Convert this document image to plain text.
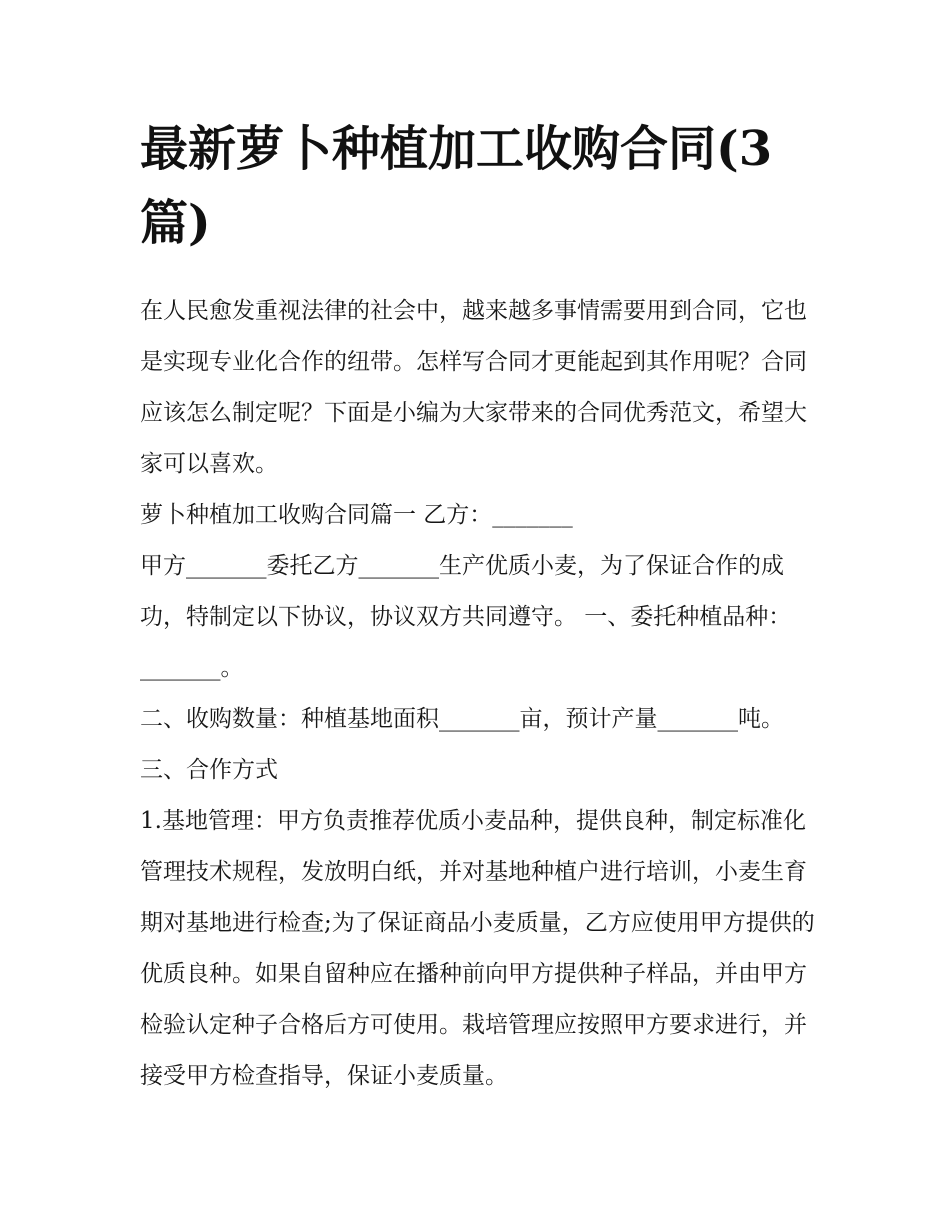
最新萝卜种植加工收购合同(3篇)

在人民愈发重视法律的社会中，越来越多事情需要用到合同，它也是实现专业化合作的纽带。怎样写合同才更能起到其作用呢？合同应该怎么制定呢？下面是小编为大家带来的合同优秀范文，希望大家可以喜欢。

萝卜种植加工收购合同篇一 乙方：_______

甲方_______委托乙方_______生产优质小麦，为了保证合作的成功，特制定以下协议，协议双方共同遵守。 一、委托种植品种：_______。

二、收购数量：种植基地面积_______亩，预计产量_______吨。 三、合作方式

1.基地管理：甲方负责推荐优质小麦品种，提供良种，制定标准化管理技术规程，发放明白纸，并对基地种植户进行培训，小麦生育期对基地进行检查;为了保证商品小麦质量，乙方应使用甲方提供的优质良种。如果自留种应在播种前向甲方提供种子样品，并由甲方检验认定种子合格后方可使用。栽培管理应按照甲方要求进行，并接受甲方检查指导，保证小麦质量。
